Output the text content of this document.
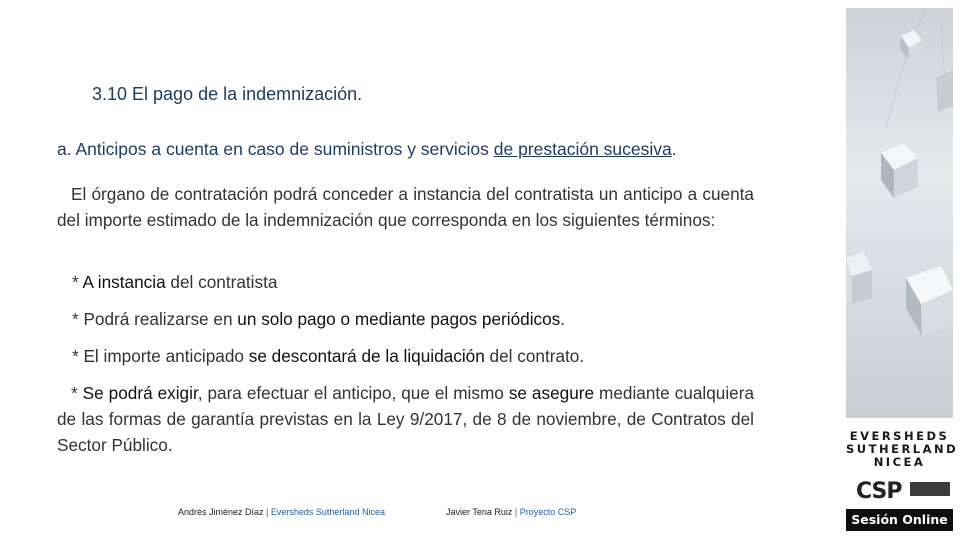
3.10 El pago de la indemnización.

a. Anticipos a cuenta en caso de suministros y servicios de prestación sucesiva.

El órgano de contratación podrá conceder a instancia del contratista un anticipo a cuenta del importe estimado de la indemnización que corresponda en los siguientes términos:

* A instancia del contratista

* Podrá realizarse en un solo pago o mediante pagos periódicos.

* El importe anticipado se descontará de la liquidación del contrato.

* Se podrá exigir, para efectuar el anticipo, que el mismo se asegure mediante cualquiera de las formas de garantía previstas en la Ley 9/2017, de 8 de noviembre, de Contratos del Sector Público.

Andrés Jiménez Díaz | Eversheds Sutherland Nicea	Javier Tena Ruiz | Proyecto CSP
EVERSHEDS
SUTHERLAND
NICEA
CSP
Sesión Online
